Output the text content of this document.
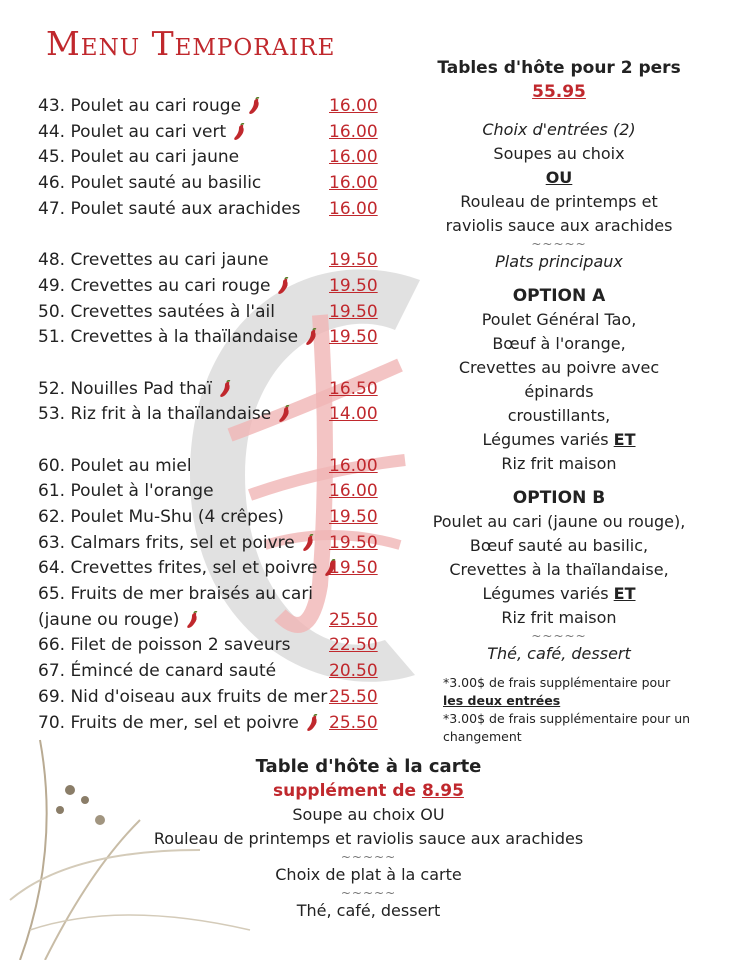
Menu Temporaire
43. Poulet au cari rouge	16.00
44. Poulet au cari vert	16.00
45. Poulet au cari jaune	16.00
46. Poulet sauté au basilic	16.00
47. Poulet sauté aux arachides 16.00
48. Crevettes au cari jaune	19.50
49. Crevettes au cari rouge	19.50
50. Crevettes sautées à l'ail	19.50
51. Crevettes à la thaïlandaise 19.50
52. Nouilles Pad thaï	16.50
53. Riz frit à la thaïlandaise	14.00
60. Poulet au miel	16.00
61. Poulet à l'orange	16.00
62. Poulet Mu-Shu (4 crêpes)	19.50
63. Calmars frits, sel et poivre 19.50
64. Crevettes frites, sel et poivre 19.50
65. Fruits de mer braisés au cari
(jaune ou rouge)	25.50
66. Filet de poisson 2 saveurs 22.50
67. Émincé de canard sauté	20.50
69. Nid d'oiseau aux fruits de mer 25.50
70. Fruits de mer, sel et poivre 25.50
Tables d'hôte pour 2 pers
55.95
Choix d'entrées (2)
Soupes au choix
OU
Rouleau de printemps et
raviolis sauce aux arachides
~~~~~
Plats principaux
OPTION A
Poulet Général Tao,
Bœuf à l'orange,
Crevettes au poivre avec épinards
croustillants,
Légumes variés ET
Riz frit maison
OPTION B
Poulet au cari (jaune ou rouge),
Bœuf sauté au basilic,
Crevettes à la thaïlandaise,
Légumes variés ET
Riz frit maison
~~~~~
Thé, café, dessert
*3.00$ de frais supplémentaire pour
les deux entrées
*3.00$ de frais supplémentaire pour un changement
Table d'hôte à la carte
supplément de 8.95
Soupe au choix OU
Rouleau de printemps et raviolis sauce aux arachides
~~~~~
Choix de plat à la carte
~~~~~
Thé, café, dessert
